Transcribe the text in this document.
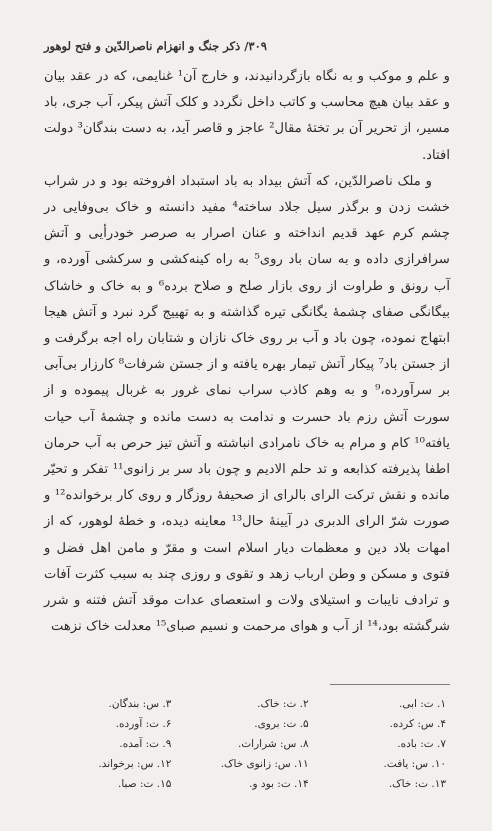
۳۰۹/ ذکر جنگ و انهزام ناصرالدّین و فتح لوهور

و علم و موکب و به نگاه بازگردانیدند، و خارج آن¹ غنایمی، که در عقد بیان و عقد بیان هیچ محاسب و کاتب داخل نگردد و کلک آتش پیکر، آب جری، باد مسیر، از تحریر آن بر تختهٔ مقال² عاجز و قاصر آید، به دست بندگان³ دولت افتاد.

و ملک ناصرالدّین، که آتش بیداد به باد استبداد افروخته بود و در شراب خشت زدن و برگذر سیل جلاد ساخته⁴ مفید دانسته و خاک بی‌وفایی در چشم کرم عهد قدیم انداخته و عنان اصرار به صرصر خودرأیی و آتش سرافرازی داده و به سان باد روی⁵ به راه کینه‌کشی و سرکشی آورده، و آب رونق و طراوت از روی بازار صلح و صلاح برده⁶ و به خاک و خاشاک بیگانگی صفای چشمهٔ یگانگی تیره گذاشته و به تهییج گرد نبرد و آتش هیجا ابتهاج نموده، چون باد و آب بر روی خاک نازان و شتابان راه اجه برگرفت و از جستن باد⁷ پیکار آتش تیمار بهره یافته و از جستن شرفات⁸ کارزار بی‌آبی بر سرآورده،⁹ و به وهم کاذب سراب نمای غرور به غربال پیموده و از سورت آتش رزم باد حسرت و ندامت به دست مانده و چشمهٔ آب حیات یافته¹⁰ کام و مرام به خاک نامرادی انباشته و آتش تیز حرص به آب حرمان اطفا پذیرفته کذابعه و تد حلم الادیم و چون باد سر بر زانوی¹¹ تفکر و تحیّر مانده و نقش ترکت الرای بالرای از صحیفهٔ روزگار و روی کار برخوانده¹² و صورت شرّ الرای الدبری در آیینهٔ حال¹³ معاینه دیده، و خطهٔ لوهور، که از امهات بلاد دین و معظمات دیار اسلام است و مقرّ و مامن اهل فضل و فتوی و مسکن و وطن ارباب زهد و تقوی و روزی چند به سبب کثرت آفات و ترادف نایبات و استیلای ولات و استعصای عدات موقد آتش فتنه و شرر شرگشته بود،¹⁴ از آب و هوای مرحمت و نسیم صبای¹⁵ معدلت خاک نزهت

۱. ت: ابی.
۲. ت: خاک.
۳. س: بندگان.
۴. س: کرده.
۵. ت: بروی.
۶. ت: آورده.
۷. ت: باده.
۸. س: شرارات.
۹. ت: آمده.
۱۰. س: یافت.
۱۱. س: زانوی خاک.
۱۲. س: برخواند.
۱۳. ت: خاک.
۱۴. ت: بود و.
۱۵. ت: صبا.
